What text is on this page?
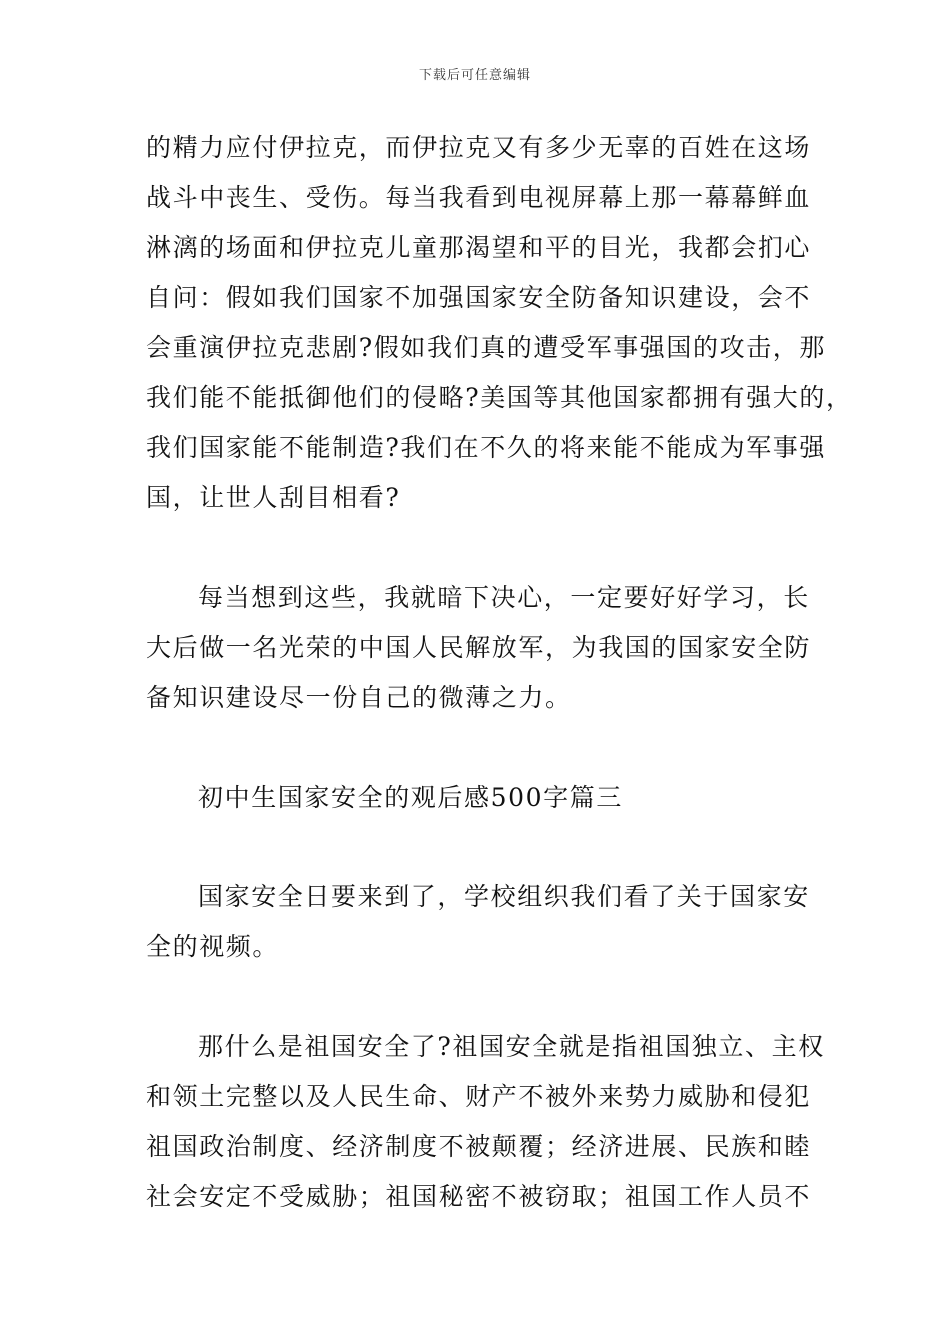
下载后可任意编辑
的精力应付伊拉克，而伊拉克又有多少无辜的百姓在这场
战斗中丧生、受伤。每当我看到电视屏幕上那一幕幕鲜血
淋漓的场面和伊拉克儿童那渴望和平的目光，我都会扪心
自问：假如我们国家不加强国家安全防备知识建设，会不
会重演伊拉克悲剧?假如我们真的遭受军事强国的攻击，那
我们能不能抵御他们的侵略?美国等其他国家都拥有强大的，
我们国家能不能制造?我们在不久的将来能不能成为军事强
国，让世人刮目相看?
每当想到这些，我就暗下决心，一定要好好学习，长
大后做一名光荣的中国人民解放军，为我国的国家安全防
备知识建设尽一份自己的微薄之力。
初中生国家安全的观后感500字篇三
国家安全日要来到了，学校组织我们看了关于国家安
全的视频。
那什么是祖国安全了?祖国安全就是指祖国独立、主权
和领土完整以及人民生命、财产不被外来势力威胁和侵犯
祖国政治制度、经济制度不被颠覆；经济进展、民族和睦
社会安定不受威胁；祖国秘密不被窃取；祖国工作人员不
